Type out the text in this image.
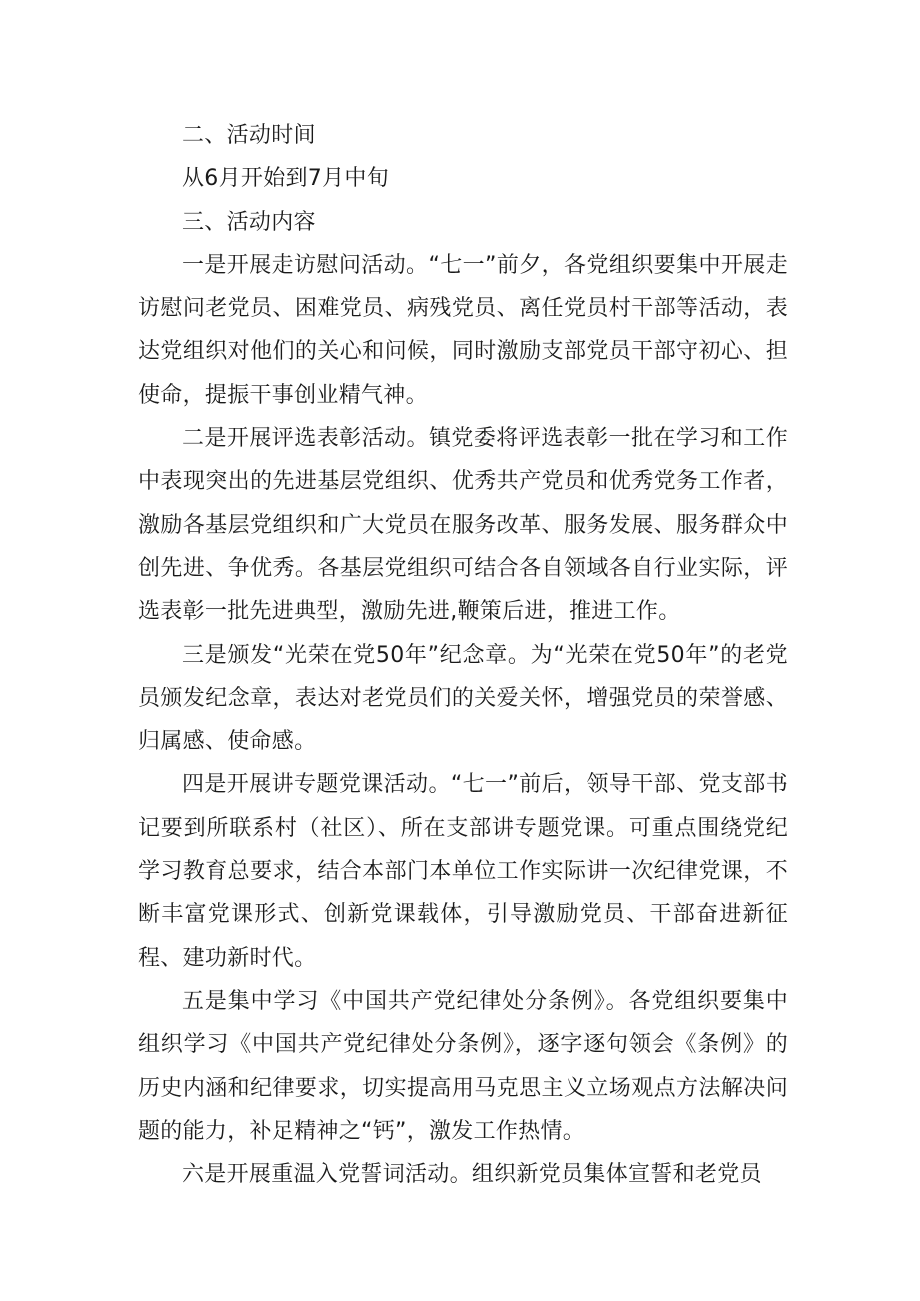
二、活动时间

从6月开始到7月中旬

三、活动内容

一是开展走访慰问活动。“七一”前夕，各党组织要集中开展走访慰问老党员、困难党员、病残党员、离任党员村干部等活动，表达党组织对他们的关心和问候，同时激励支部党员干部守初心、担使命，提振干事创业精气神。

二是开展评选表彰活动。镇党委将评选表彰一批在学习和工作中表现突出的先进基层党组织、优秀共产党员和优秀党务工作者，激励各基层党组织和广大党员在服务改革、服务发展、服务群众中创先进、争优秀。各基层党组织可结合各自领域各自行业实际，评选表彰一批先进典型，激励先进,鞭策后进，推进工作。

三是颁发“光荣在党50年”纪念章。为“光荣在党50年”的老党员颁发纪念章，表达对老党员们的关爱关怀，增强党员的荣誉感、归属感、使命感。

四是开展讲专题党课活动。“七一”前后，领导干部、党支部书记要到所联系村（社区）、所在支部讲专题党课。可重点围绕党纪学习教育总要求，结合本部门本单位工作实际讲一次纪律党课，不断丰富党课形式、创新党课载体，引导激励党员、干部奋进新征程、建功新时代。

五是集中学习《中国共产党纪律处分条例》。各党组织要集中组织学习《中国共产党纪律处分条例》，逐字逐句领会《条例》的历史内涵和纪律要求，切实提高用马克思主义立场观点方法解决问题的能力，补足精神之“钙”，激发工作热情。

六是开展重温入党誓词活动。组织新党员集体宣誓和老党员
